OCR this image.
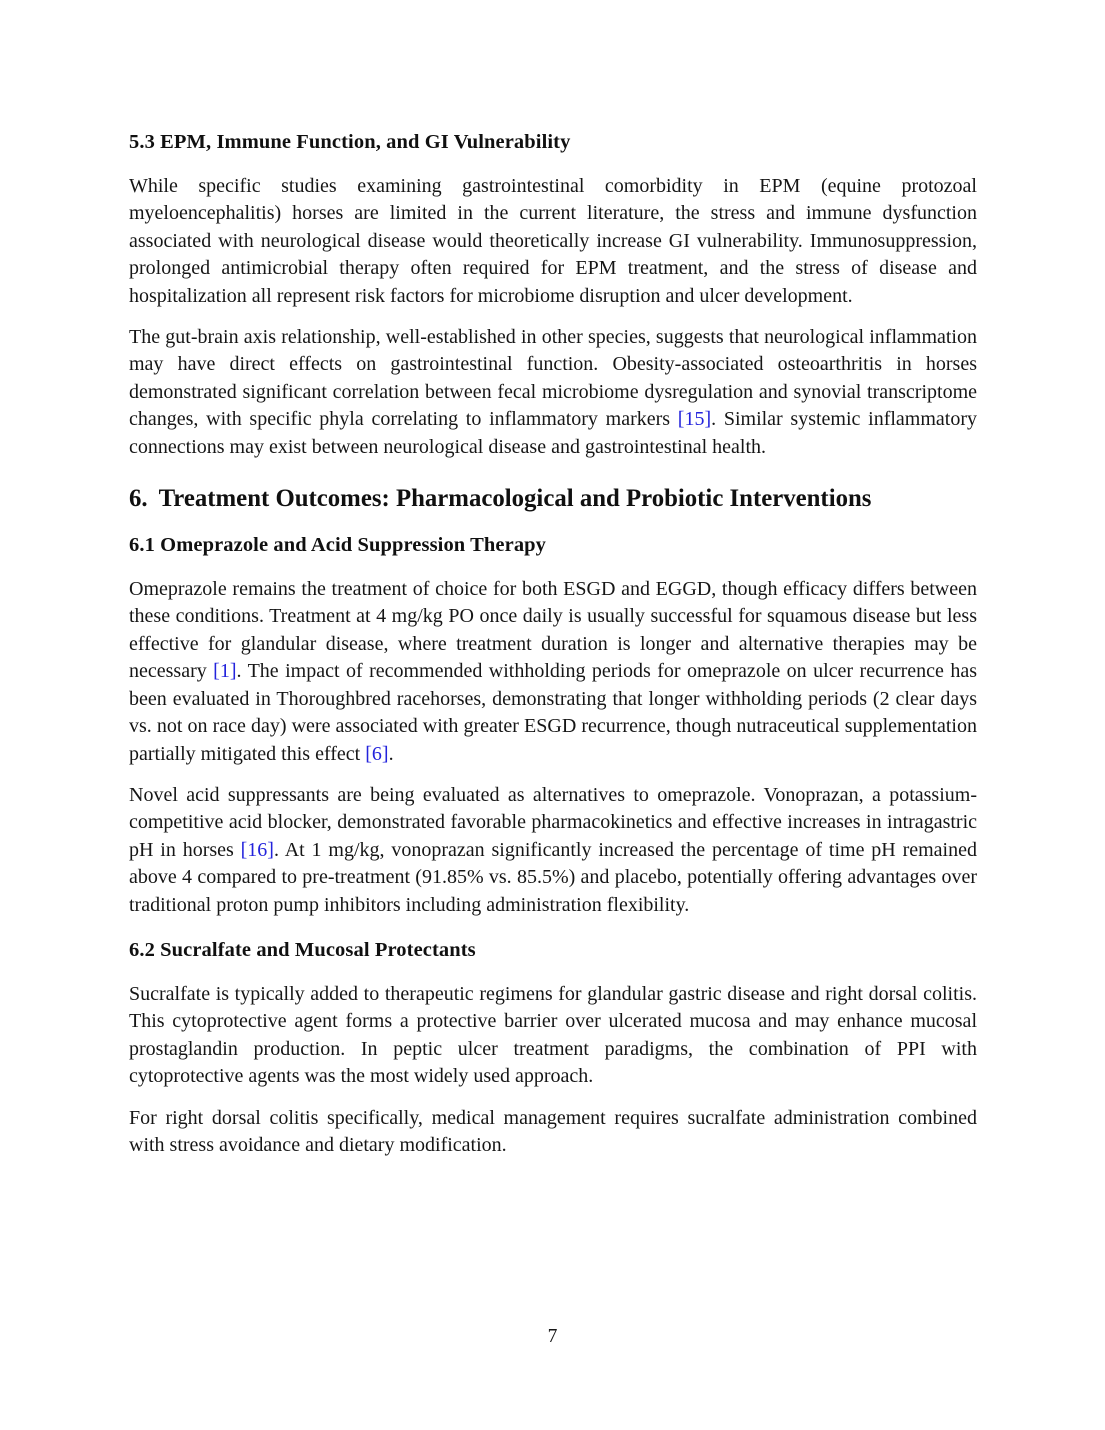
5.3 EPM, Immune Function, and GI Vulnerability

While specific studies examining gastrointestinal comorbidity in EPM (equine protozoal myeloencephalitis) horses are limited in the current literature, the stress and immune dysfunction associated with neurological disease would theoretically increase GI vulnerability. Immunosuppression, prolonged antimicrobial therapy often required for EPM treatment, and the stress of disease and hospitalization all represent risk factors for microbiome disruption and ulcer development.

The gut-brain axis relationship, well-established in other species, suggests that neurological inflammation may have direct effects on gastrointestinal function. Obesity-associated osteoarthritis in horses demonstrated significant correlation between fecal microbiome dysregulation and synovial transcriptome changes, with specific phyla correlating to inflammatory markers [15]. Similar systemic inflammatory connections may exist between neurological disease and gastrointestinal health.

6. Treatment Outcomes: Pharmacological and Probiotic Interventions
6.1 Omeprazole and Acid Suppression Therapy

Omeprazole remains the treatment of choice for both ESGD and EGGD, though efficacy differs between these conditions. Treatment at 4 mg/kg PO once daily is usually successful for squamous disease but less effective for glandular disease, where treatment duration is longer and alternative therapies may be necessary [1]. The impact of recommended withholding periods for omeprazole on ulcer recurrence has been evaluated in Thoroughbred racehorses, demonstrating that longer withholding periods (2 clear days vs. not on race day) were associated with greater ESGD recurrence, though nutraceutical supplementation partially mitigated this effect [6].

Novel acid suppressants are being evaluated as alternatives to omeprazole. Vonoprazan, a potassium-competitive acid blocker, demonstrated favorable pharmacokinetics and effective increases in intragastric pH in horses [16]. At 1 mg/kg, vonoprazan significantly increased the percentage of time pH remained above 4 compared to pre-treatment (91.85% vs. 85.5%) and placebo, potentially offering advantages over traditional proton pump inhibitors including administration flexibility.

6.2 Sucralfate and Mucosal Protectants

Sucralfate is typically added to therapeutic regimens for glandular gastric disease and right dorsal colitis. This cytoprotective agent forms a protective barrier over ulcerated mucosa and may enhance mucosal prostaglandin production. In peptic ulcer treatment paradigms, the combination of PPI with cytoprotective agents was the most widely used approach.

For right dorsal colitis specifically, medical management requires sucralfate administration combined with stress avoidance and dietary modification.

7
